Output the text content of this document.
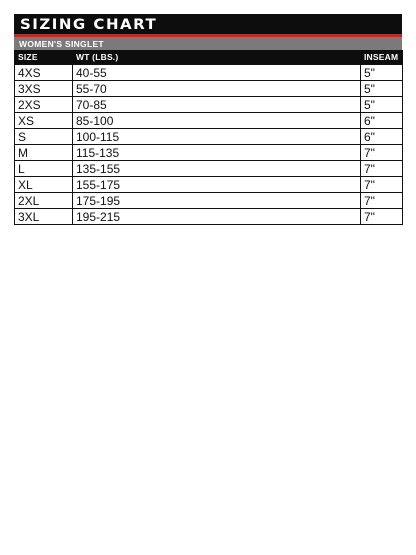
SIZING CHART
WOMEN'S SINGLET
SIZE	WT (LBS.)	INSEAM
4XS	40-55	5"
3XS	55-70	5"
2XS	70-85	5"
XS	85-100	6"
S	100-115	6"
M	115-135	7"
L	135-155	7"
XL	155-175	7"
2XL	175-195	7"
3XL	195-215	7"
